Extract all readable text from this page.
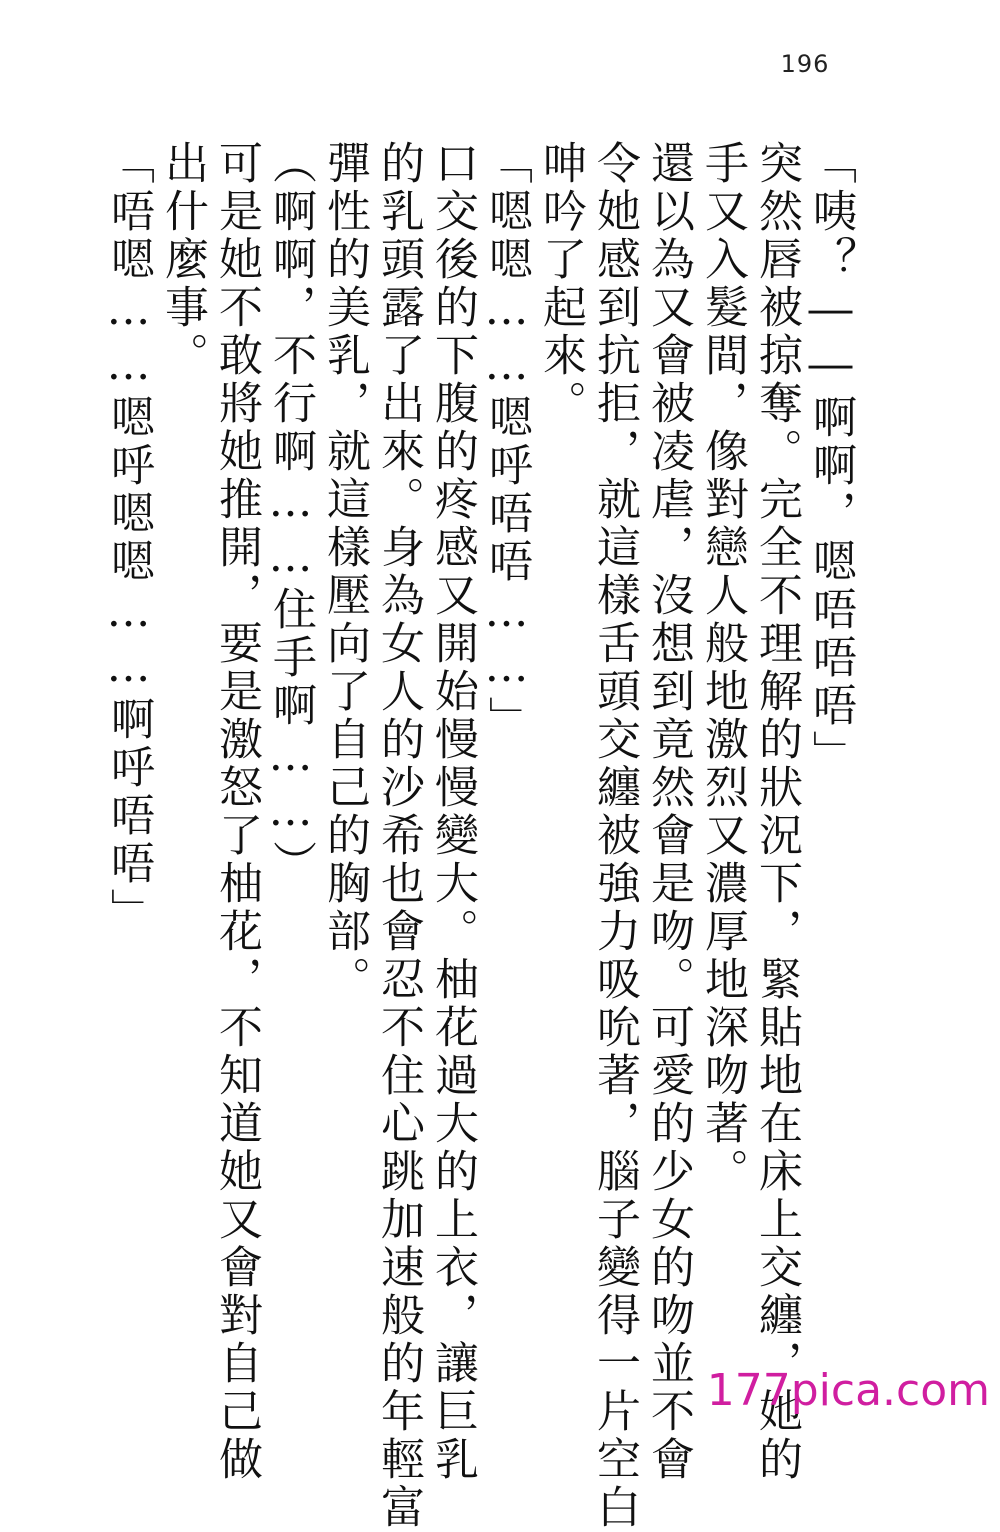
196
「咦？――啊啊，嗯唔唔唔」
突然唇被掠奪。完全不理解的狀況下，緊貼地在床上交纏，她的
手又入髮間，像對戀人般地激烈又濃厚地深吻著。
還以為又會被凌虐，沒想到竟然會是吻。可愛的少女的吻並不會
令她感到抗拒，就這樣舌頭交纏被強力吸吮著，腦子變得一片空白
呻吟了起來。
「嗯嗯……嗯呼唔唔……」
口交後的下腹的疼感又開始慢慢變大。柚花過大的上衣，讓巨乳
的乳頭露了出來。身為女人的沙希也會忍不住心跳加速般的年輕富
彈性的美乳，就這樣壓向了自己的胸部。
（啊啊，不行啊……住手啊……）
可是她不敢將她推開，要是激怒了柚花，不知道她又會對自己做
出什麼事。
「唔嗯……嗯呼嗯嗯……啊呼唔唔」
177pica.com
